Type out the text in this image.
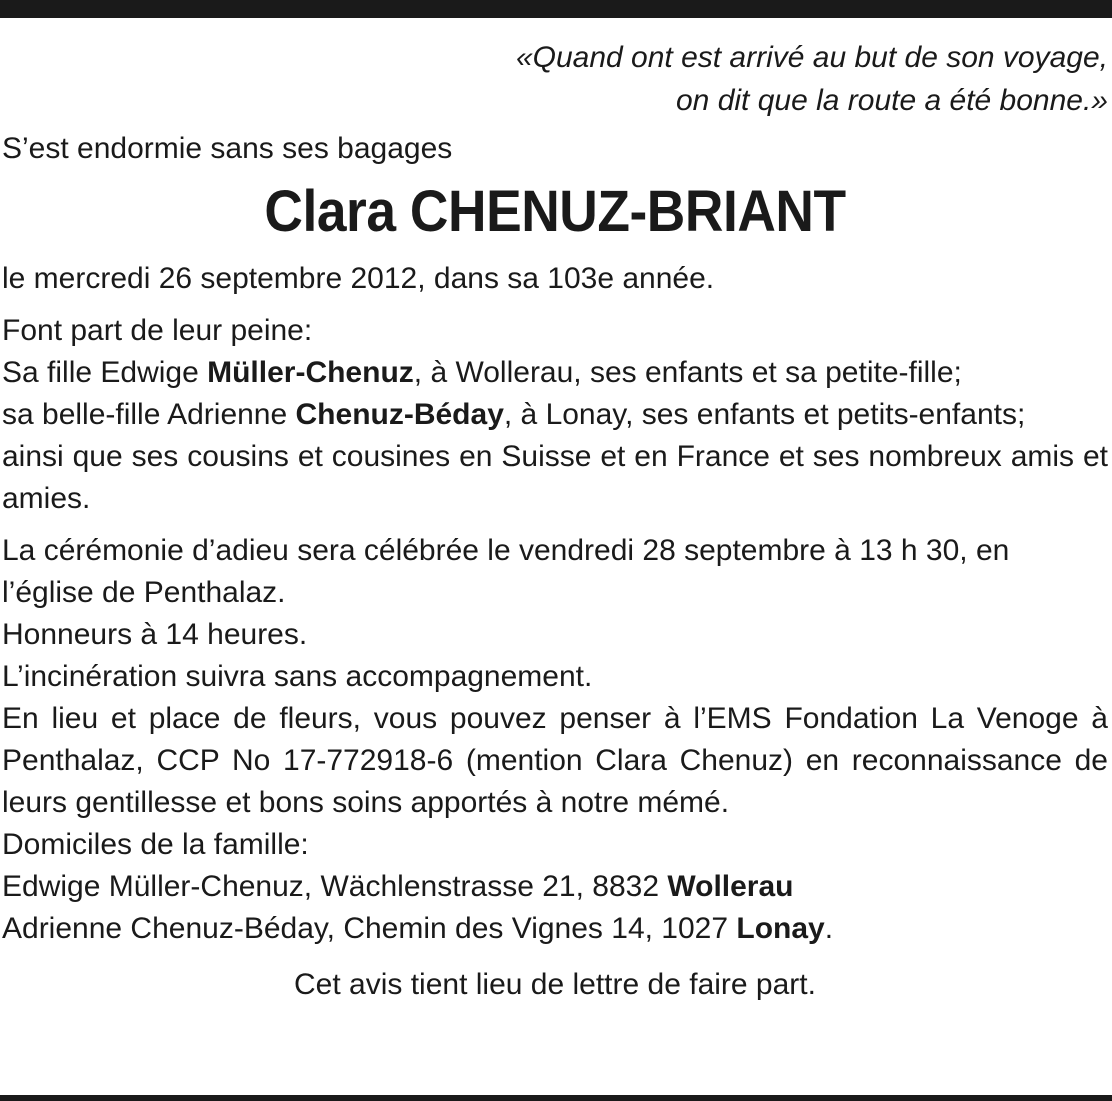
«Quand ont est arrivé au but de son voyage,
on dit que la route a été bonne.»

S’est endormie sans ses bagages

Clara CHENUZ-BRIANT

le mercredi 26 septembre 2012, dans sa 103e année.

Font part de leur peine:

Sa fille Edwige Müller-Chenuz, à Wollerau, ses enfants et sa petite-fille;

sa belle-fille Adrienne Chenuz-Béday, à Lonay, ses enfants et petits-enfants;

ainsi que ses cousins et cousines en Suisse et en France et ses nombreux amis et amies.

La cérémonie d’adieu sera célébrée le vendredi 28 septembre à 13 h 30, en l’église de Penthalaz.

Honneurs à 14 heures.

L’incinération suivra sans accompagnement.

En lieu et place de fleurs, vous pouvez penser à l’EMS Fondation La Venoge à Penthalaz, CCP No 17-772918-6 (mention Clara Chenuz) en reconnaissance de leurs gentillesse et bons soins apportés à notre mémé.

Domiciles de la famille:

Edwige Müller-Chenuz, Wächlenstrasse 21, 8832 Wollerau

Adrienne Chenuz-Béday, Chemin des Vignes 14, 1027 Lonay.

Cet avis tient lieu de lettre de faire part.
